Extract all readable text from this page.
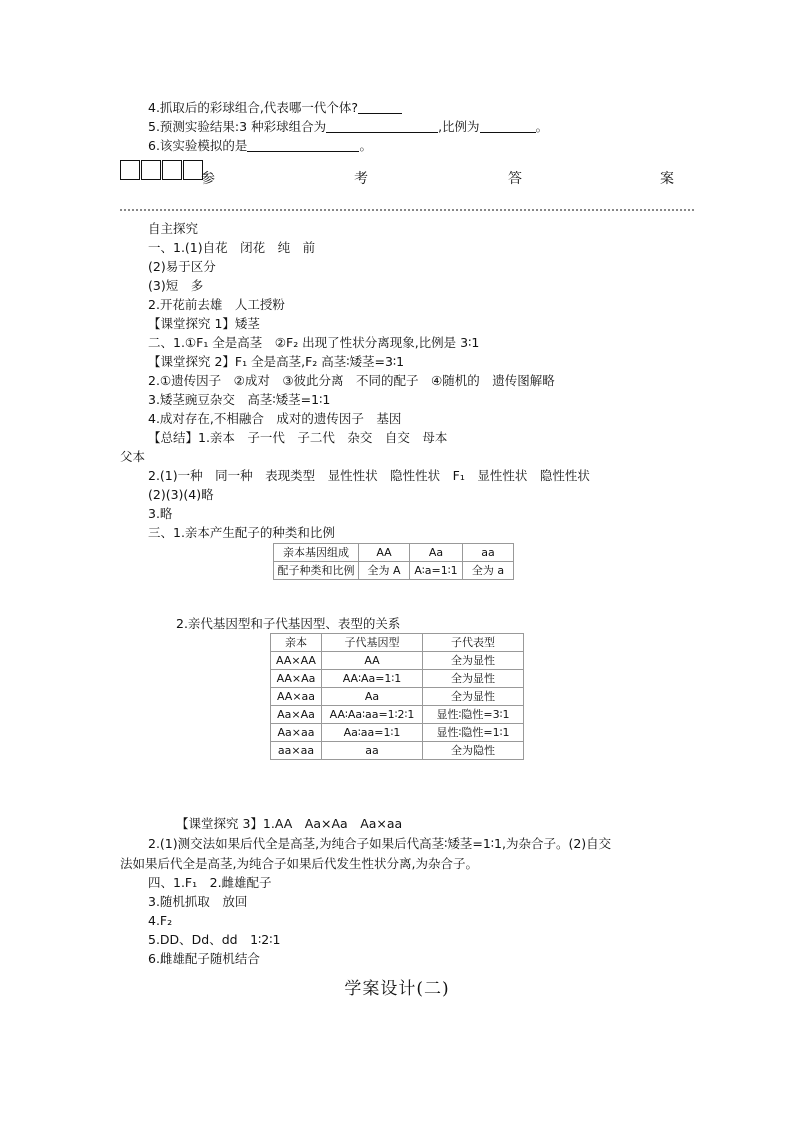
4.抓取后的彩球组合,代表哪一代个体?
5.预测实验结果:3 种彩球组合为	,比例为	。
6.该实验模拟的是	。
参	考	答	案
自主探究
一、1.(1)自花　闭花　纯　前
(2)易于区分
(3)短　多
2.开花前去雄　人工授粉
【课堂探究 1】矮茎
二、1.①F₁ 全是高茎　②F₂ 出现了性状分离现象,比例是 3∶1
【课堂探究 2】F₁ 全是高茎,F₂ 高茎∶矮茎=3∶1
2.①遗传因子　②成对　③彼此分离　不同的配子　④随机的　遗传图解略
3.矮茎豌豆杂交　高茎∶矮茎=1∶1
4.成对存在,不相融合　成对的遗传因子　基因
【总结】1.亲本　子一代　子二代　杂交　自交　母本
父本
2.(1)一种　同一种　表现类型　显性性状　隐性性状　F₁　显性性状　隐性性状
(2)(3)(4)略
3.略
三、1.亲本产生配子的种类和比例
亲本基因组成	AA	Aa	aa
配子种类和比例	全为 A	A∶a=1∶1	全为 a
2.亲代基因型和子代基因型、表型的关系
亲本	子代基因型	子代表型
AA×AA	AA	全为显性
AA×Aa	AA∶Aa=1∶1	全为显性
AA×aa	Aa	全为显性
Aa×Aa	AA∶Aa∶aa=1∶2∶1	显性∶隐性=3∶1
Aa×aa	Aa∶aa=1∶1	显性∶隐性=1∶1
aa×aa	aa	全为隐性
【课堂探究 3】1.AA　Aa×Aa　Aa×aa
2.(1)测交法如果后代全是高茎,为纯合子如果后代高茎∶矮茎=1∶1,为杂合子。(2)自交
法如果后代全是高茎,为纯合子如果后代发生性状分离,为杂合子。
四、1.F₁　2.雌雄配子
3.随机抓取　放回
4.F₂
5.DD、Dd、dd　1∶2∶1
6.雌雄配子随机结合
学案设计(二)
